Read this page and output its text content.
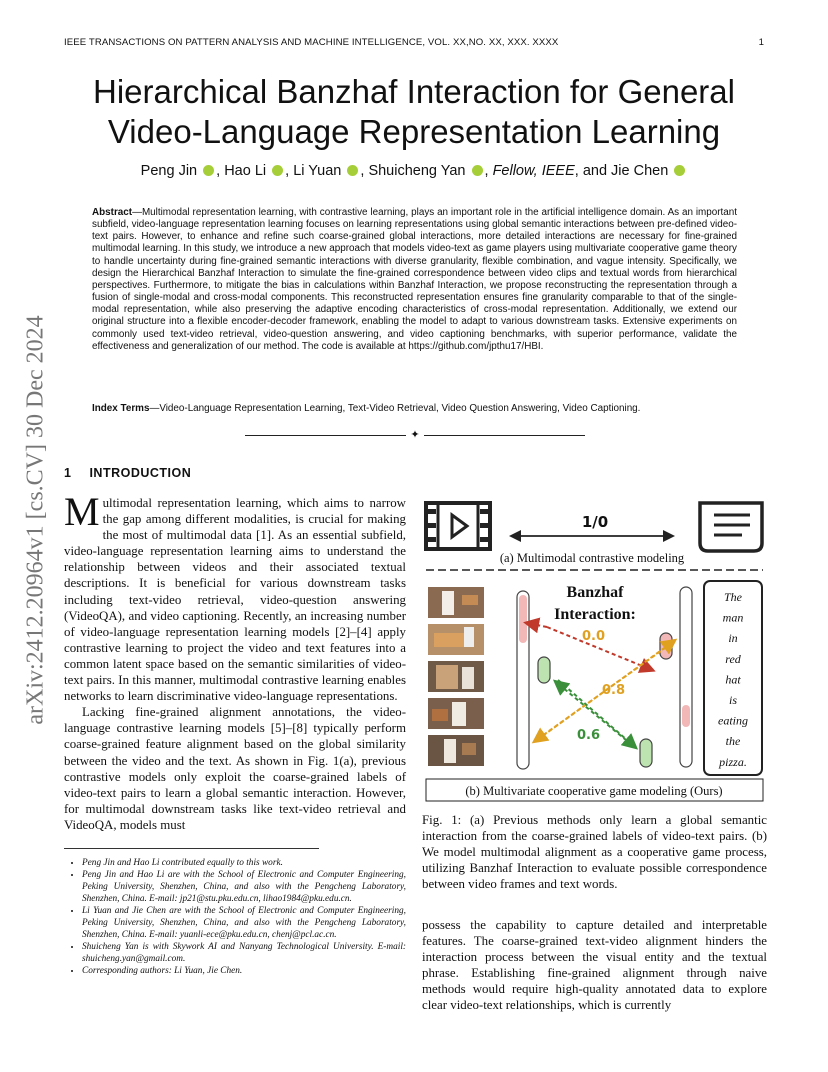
IEEE TRANSACTIONS ON PATTERN ANALYSIS AND MACHINE INTELLIGENCE, VOL. XX,NO. XX, XXX. XXXX	1
arXiv:2412.20964v1 [cs.CV] 30 Dec 2024
Hierarchical Banzhaf Interaction for General
Video-Language Representation Learning
Peng Jin , Hao Li , Li Yuan , Shuicheng Yan , Fellow, IEEE, and Jie Chen
Abstract—Multimodal representation learning, with contrastive learning, plays an important role in the artificial intelligence domain. As an important subfield, video-language representation learning focuses on learning representations using global semantic interactions between pre-defined video-text pairs. However, to enhance and refine such coarse-grained global interactions, more detailed interactions are necessary for fine-grained multimodal learning. In this study, we introduce a new approach that models video-text as game players using multivariate cooperative game theory to handle uncertainty during fine-grained semantic interactions with diverse granularity, flexible combination, and vague intensity. Specifically, we design the Hierarchical Banzhaf Interaction to simulate the fine-grained correspondence between video clips and textual words from hierarchical perspectives. Furthermore, to mitigate the bias in calculations within Banzhaf Interaction, we propose reconstructing the representation through a fusion of single-modal and cross-modal components. This reconstructed representation ensures fine granularity comparable to that of the single-modal representation, while also preserving the adaptive encoding characteristics of cross-modal representation. Additionally, we extend our original structure into a flexible encoder-decoder framework, enabling the model to adapt to various downstream tasks. Extensive experiments on commonly used text-video retrieval, video-question answering, and video captioning benchmarks, with superior performance, validate the effectiveness and generalization of our method. The code is available at https://github.com/jpthu17/HBI.
Index Terms—Video-Language Representation Learning, Text-Video Retrieval, Video Question Answering, Video Captioning.
✦
1 INTRODUCTION

Multimodal representation learning, which aims to narrow the gap among different modalities, is crucial for making the most of multimodal data [1]. As an essential subfield, video-language representation learning aims to understand the relationship between videos and their associated textual descriptions. It is beneficial for various downstream tasks including text-video retrieval, video-question answering (VideoQA), and video captioning. Recently, an increasing number of video-language representation learning models [2]–[4] apply contrastive learning to project the video and text features into a common latent space based on the semantic similarities of video-text pairs. In this manner, multimodal contrastive learning enables networks to learn discriminative video-language representations.

Lacking fine-grained alignment annotations, the video-language contrastive learning models [5]–[8] typically perform coarse-grained feature alignment based on the global similarity between the video and the text. As shown in Fig. 1(a), previous contrastive models only exploit the coarse-grained labels of video-text pairs to learn a global semantic interaction. However, for multimodal downstream tasks like text-video retrieval and VideoQA, models must

• Peng Jin and Hao Li contributed equally to this work.
• Peng Jin and Hao Li are with the School of Electronic and Computer Engineering, Peking University, Shenzhen, China, and also with the Pengcheng Laboratory, Shenzhen, China. E-mail: jp21@stu.pku.edu.cn, lihao1984@pku.edu.cn.
• Li Yuan and Jie Chen are with the School of Electronic and Computer Engineering, Peking University, Shenzhen, China, and also with the Pengcheng Laboratory, Shenzhen, China. E-mail: yuanli-ece@pku.edu.cn, chenj@pcl.ac.cn.
• Shuicheng Yan is with Skywork AI and Nanyang Technological University. E-mail: shuicheng.yan@gmail.com.
• Corresponding authors: Li Yuan, Jie Chen.
1/0
(a) Multimodal contrastive modeling
Banzhaf
Interaction:
0.0
0.8
0.6
The
man
in
red
hat
is
eating
the
pizza.
(b) Multivariate cooperative game modeling (Ours)
Fig. 1: (a) Previous methods only learn a global semantic interaction from the coarse-grained labels of video-text pairs. (b) We model multimodal alignment as a cooperative game process, utilizing Banzhaf Interaction to evaluate possible correspondence between video frames and text words.
possess the capability to capture detailed and interpretable features. The coarse-grained text-video alignment hinders the interaction process between the visual entity and the textual phrase. Establishing fine-grained alignment through naive methods would require high-quality annotated data to explore clear video-text relationships, which is currently
